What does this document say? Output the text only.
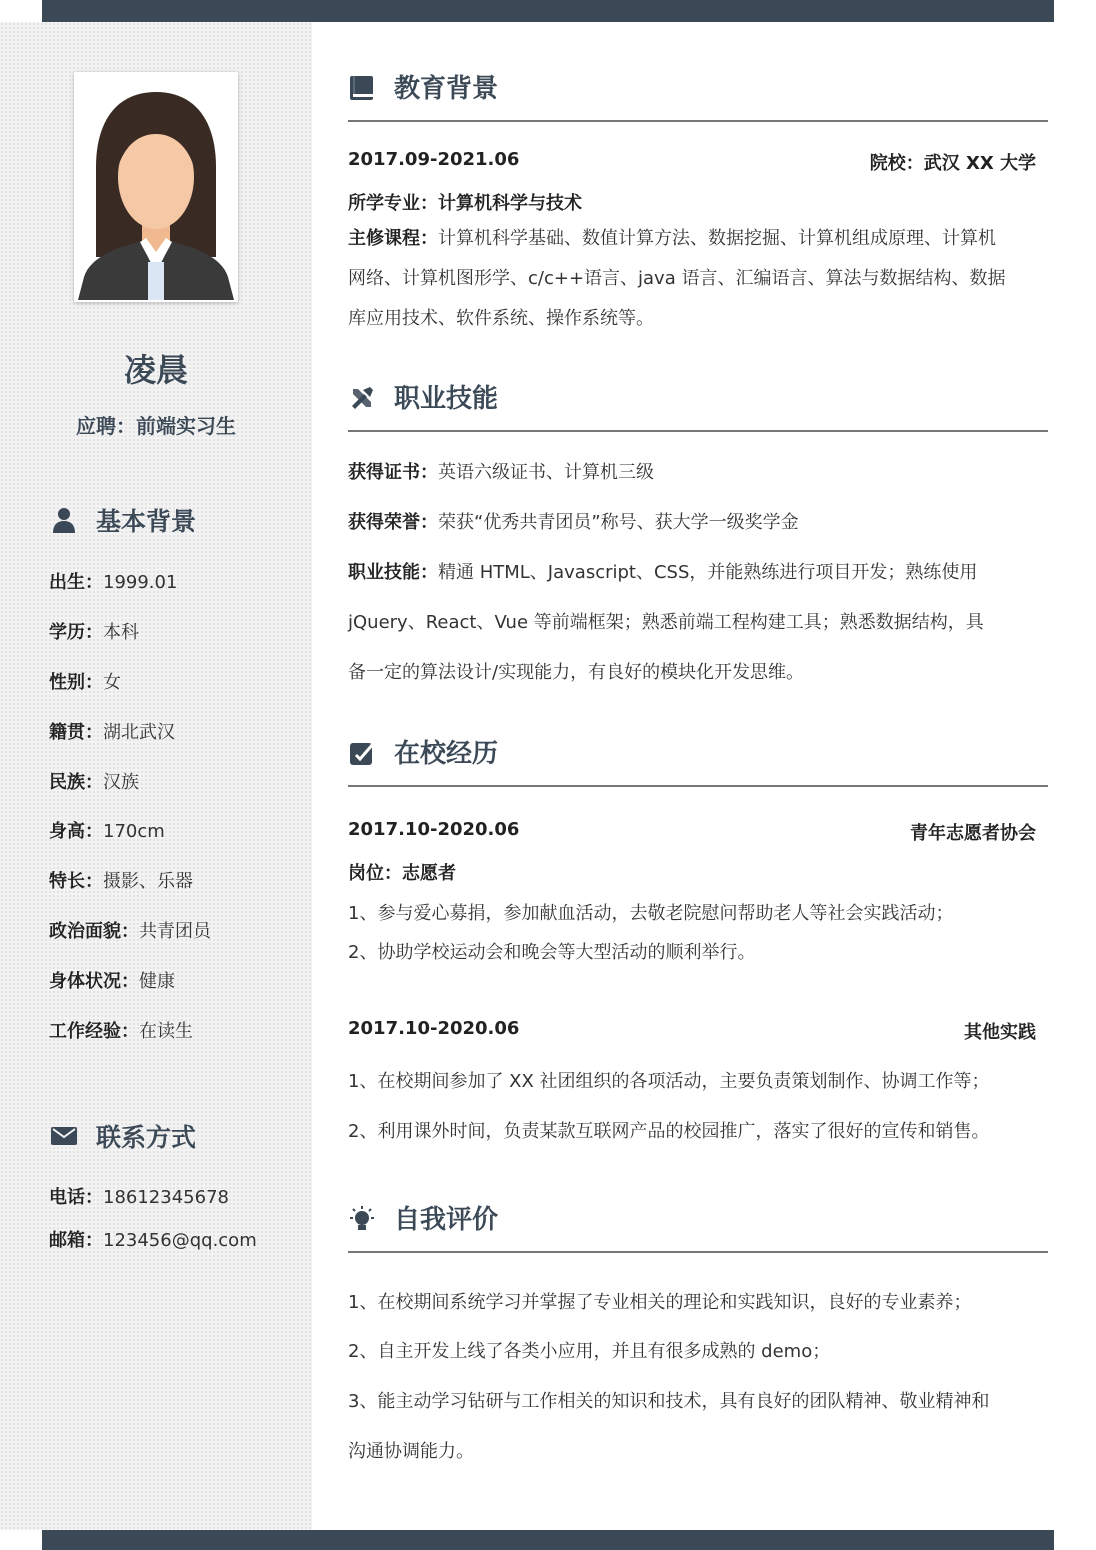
凌晨
应聘：前端实习生
基本背景
出生：1999.01
学历：本科
性别：女
籍贯：湖北武汉
民族：汉族
身高：170cm
特长：摄影、乐器
政治面貌：共青团员
身体状况：健康
工作经验：在读生
联系方式
电话：18612345678
邮箱：123456@qq.com
教育背景
2017.09-2021.06	院校：武汉 XX 大学
所学专业：计算机科学与技术
主修课程：计算机科学基础、数值计算方法、数据挖掘、计算机组成原理、计算机
网络、计算机图形学、c/c++语言、java 语言、汇编语言、算法与数据结构、数据
库应用技术、软件系统、操作系统等。
职业技能
获得证书：英语六级证书、计算机三级
获得荣誉：荣获“优秀共青团员”称号、获大学一级奖学金
职业技能：精通 HTML、Javascript、CSS，并能熟练进行项目开发；熟练使用
jQuery、React、Vue 等前端框架；熟悉前端工程构建工具；熟悉数据结构，具
备一定的算法设计/实现能力，有良好的模块化开发思维。
在校经历
2017.10-2020.06	青年志愿者协会
岗位：志愿者
1、参与爱心募捐，参加献血活动，去敬老院慰问帮助老人等社会实践活动；
2、协助学校运动会和晚会等大型活动的顺利举行。
2017.10-2020.06	其他实践
1、在校期间参加了 XX 社团组织的各项活动，主要负责策划制作、协调工作等；
2、利用课外时间，负责某款互联网产品的校园推广，落实了很好的宣传和销售。
自我评价
1、在校期间系统学习并掌握了专业相关的理论和实践知识，良好的专业素养；
2、自主开发上线了各类小应用，并且有很多成熟的 demo；
3、能主动学习钻研与工作相关的知识和技术，具有良好的团队精神、敬业精神和
沟通协调能力。
